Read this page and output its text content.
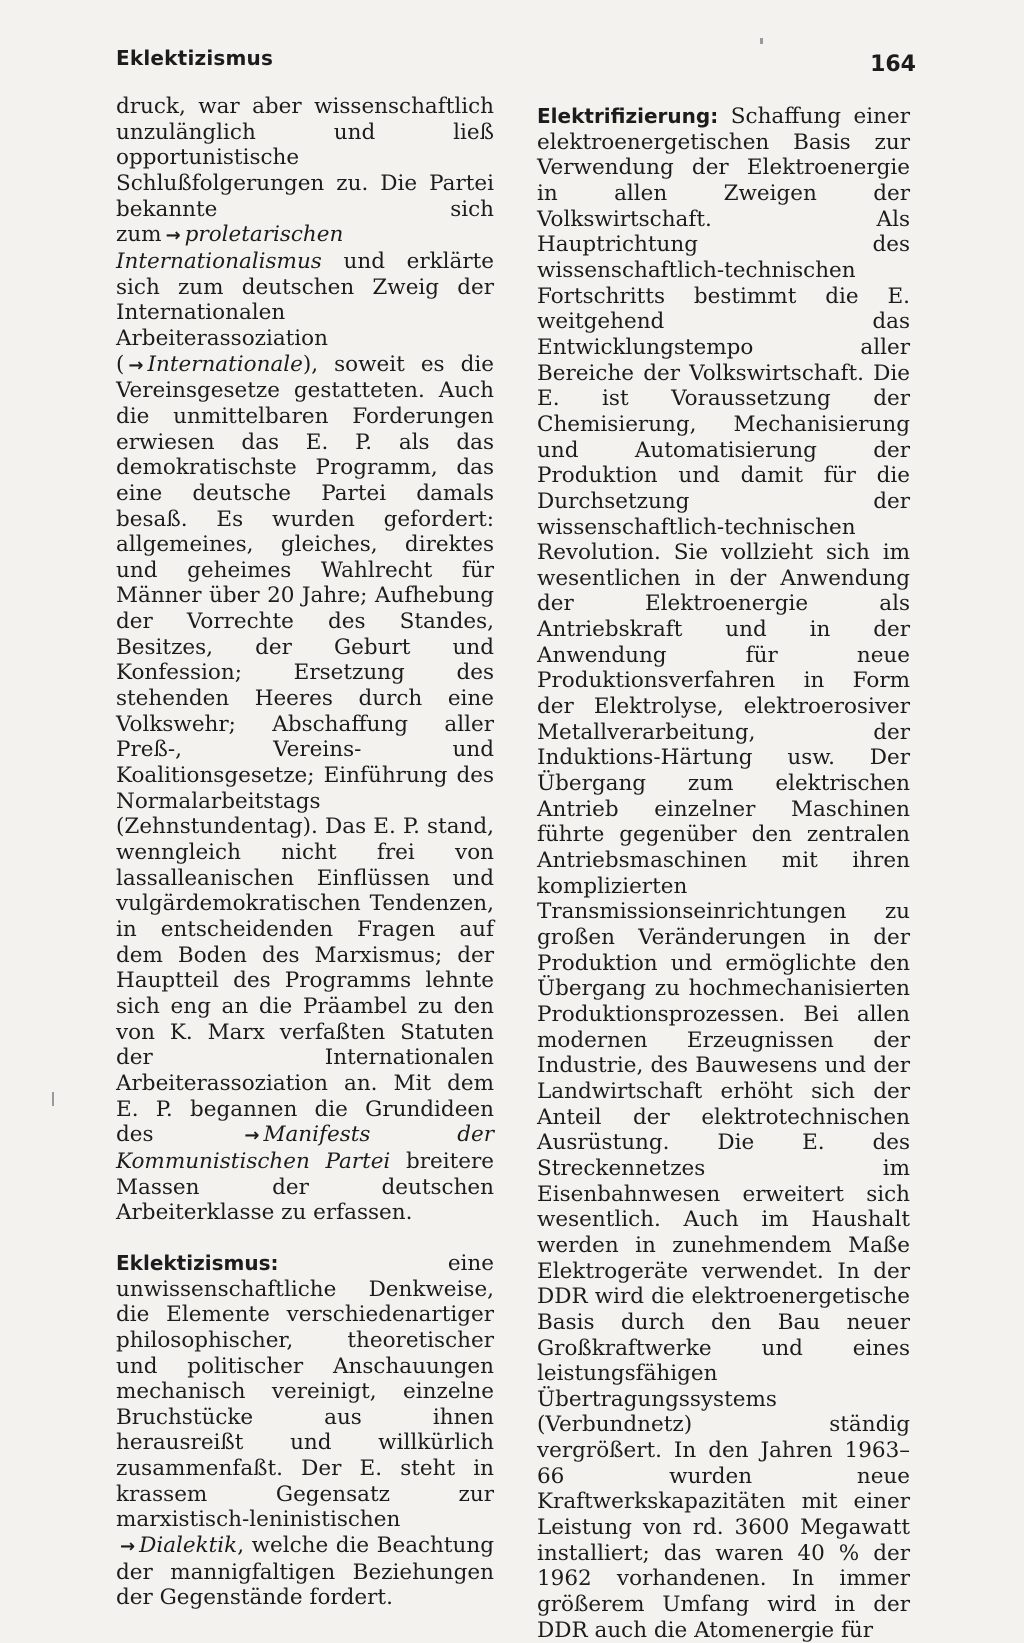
Eklektizismus	164

druck, war aber wissenschaftlich unzulänglich und ließ opportunistische Schlußfolgerungen zu. Die Partei bekannte sich zum → proletarischen Internationalismus und erklärte sich zum deutschen Zweig der Internationalen Arbeiterassoziation ( → Internationale), soweit es die Vereinsgesetze gestatteten. Auch die unmittelbaren Forderungen erwiesen das E. P. als das demokratischste Programm, das eine deutsche Partei damals besaß. Es wurden gefordert: allgemeines, gleiches, direktes und geheimes Wahlrecht für Männer über 20 Jahre; Aufhebung der Vorrechte des Standes, Besitzes, der Geburt und Konfession; Ersetzung des stehenden Heeres durch eine Volkswehr; Abschaffung aller Preß-, Vereins- und Koalitionsgesetze; Einführung des Normalarbeitstags (Zehnstundentag). Das E. P. stand, wenngleich nicht frei von lassalleanischen Einflüssen und vulgärdemokratischen Tendenzen, in entscheidenden Fragen auf dem Boden des Marxismus; der Hauptteil des Programms lehnte sich eng an die Präambel zu den von K. Marx verfaßten Statuten der Internationalen Arbeiterassoziation an. Mit dem E. P. begannen die Grundideen des	→ Manifests der Kommunistischen Partei breitere Massen der deutschen Arbeiterklasse zu erfassen.

Eklektizismus:	eine unwissenschaftliche Denkweise, die Elemente verschiedenartiger philosophischer, theoretischer und politischer Anschauungen mechanisch vereinigt, einzelne Bruchstücke aus ihnen herausreißt und willkürlich zusammenfaßt. Der E. steht in krassem Gegensatz zur marxistisch-leninistischen → Dialektik, welche die Beachtung der mannigfaltigen Beziehungen der Gegenstände fordert.

Elektrifizierung: Schaffung einer elektroenergetischen Basis zur Verwendung der Elektroenergie in allen Zweigen der Volkswirtschaft. Als Hauptrichtung des wissenschaftlich-technischen Fortschritts bestimmt die E. weitgehend das Entwicklungstempo aller Bereiche der Volkswirtschaft. Die E. ist Voraussetzung der Chemisierung, Mechanisierung und Automatisierung der Produktion und damit für die Durchsetzung der wissenschaftlich-technischen Revolution. Sie vollzieht sich im wesentlichen in der Anwendung der Elektroenergie als Antriebskraft und in der Anwendung für neue Produktionsverfahren in Form der Elektrolyse, elektroerosiver Metallverarbeitung, der Induktions-Härtung usw. Der Übergang zum elektrischen Antrieb einzelner Maschinen führte gegenüber den zentralen Antriebsmaschinen mit ihren komplizierten Transmissionseinrichtungen zu großen Veränderungen in der Produktion und ermöglichte den Übergang zu hochmechanisierten Produktionsprozessen. Bei allen modernen Erzeugnissen der Industrie, des Bauwesens und der Landwirtschaft erhöht sich der Anteil der elektrotechnischen Ausrüstung. Die E. des Streckennetzes im Eisenbahnwesen erweitert sich wesentlich. Auch im Haushalt werden in zunehmendem Maße Elektrogeräte verwendet. In der DDR wird die elektroenergetische Basis durch den Bau neuer Großkraftwerke und eines leistungsfähigen Übertragungssystems (Verbundnetz) ständig vergrößert. In den Jahren 1963–66 wurden neue Kraftwerkskapazitäten mit einer Leistung von rd. 3600 Megawatt installiert; das waren 40 % der 1962 vorhandenen. In immer größerem Umfang wird in der DDR auch die Atomenergie für
